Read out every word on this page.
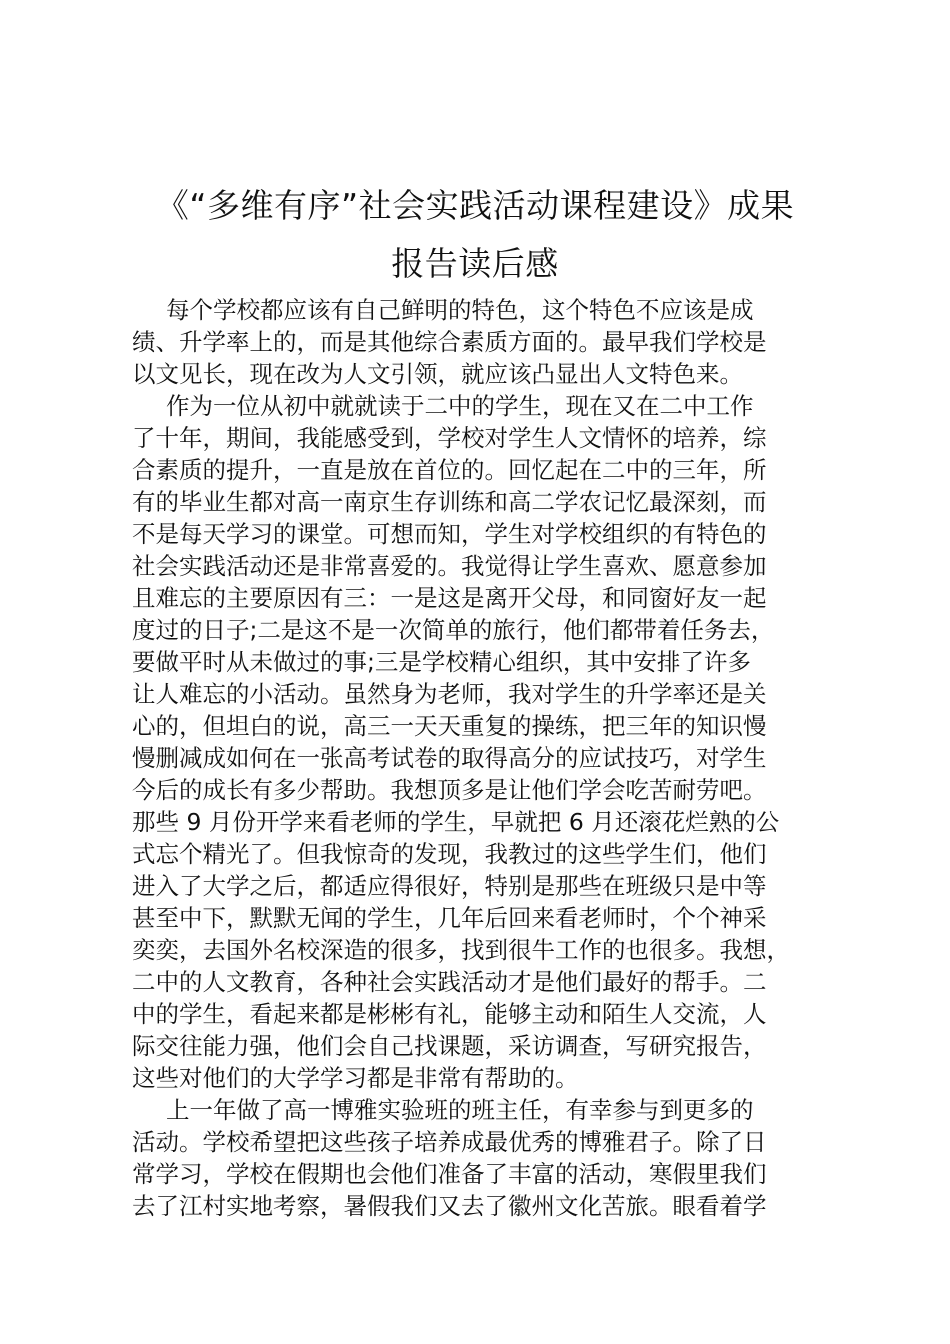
《“多维有序”社会实践活动课程建设》成果
报告读后感
每个学校都应该有自己鲜明的特色，这个特色不应该是成
绩、升学率上的，而是其他综合素质方面的。最早我们学校是
以文见长，现在改为人文引领，就应该凸显出人文特色来。
作为一位从初中就就读于二中的学生，现在又在二中工作
了十年，期间，我能感受到，学校对学生人文情怀的培养，综
合素质的提升，一直是放在首位的。回忆起在二中的三年，所
有的毕业生都对高一南京生存训练和高二学农记忆最深刻，而
不是每天学习的课堂。可想而知，学生对学校组织的有特色的
社会实践活动还是非常喜爱的。我觉得让学生喜欢、愿意参加
且难忘的主要原因有三：一是这是离开父母，和同窗好友一起
度过的日子;二是这不是一次简单的旅行，他们都带着任务去，
要做平时从未做过的事;三是学校精心组织，其中安排了许多
让人难忘的小活动。虽然身为老师，我对学生的升学率还是关
心的，但坦白的说，高三一天天重复的操练，把三年的知识慢
慢删减成如何在一张高考试卷的取得高分的应试技巧，对学生
今后的成长有多少帮助。我想顶多是让他们学会吃苦耐劳吧。
那些 9 月份开学来看老师的学生，早就把 6 月还滚花烂熟的公
式忘个精光了。但我惊奇的发现，我教过的这些学生们，他们
进入了大学之后，都适应得很好，特别是那些在班级只是中等
甚至中下，默默无闻的学生，几年后回来看老师时，个个神采
奕奕，去国外名校深造的很多，找到很牛工作的也很多。我想，
二中的人文教育，各种社会实践活动才是他们最好的帮手。二
中的学生，看起来都是彬彬有礼，能够主动和陌生人交流，人
际交往能力强，他们会自己找课题，采访调查，写研究报告，
这些对他们的大学学习都是非常有帮助的。
上一年做了高一博雅实验班的班主任，有幸参与到更多的
活动。学校希望把这些孩子培养成最优秀的博雅君子。除了日
常学习，学校在假期也会他们准备了丰富的活动，寒假里我们
去了江村实地考察，暑假我们又去了徽州文化苦旅。眼看着学
